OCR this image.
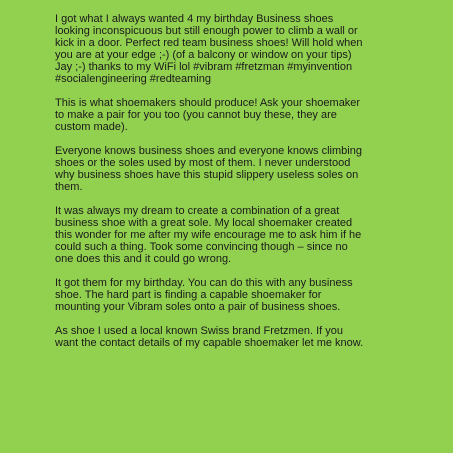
I got what I always wanted 4 my birthday Business shoes
looking inconspicuous but still enough power to climb a wall or
kick in a door. Perfect red team business shoes! Will hold when
you are at your edge ;-) (of a balcony or window on your tips)
Jay ;-) thanks to my WiFi lol #vibram #fretzman #myinvention
#socialengineering #redteaming

This is what shoemakers should produce! Ask your shoemaker
to make a pair for you too (you cannot buy these, they are
custom made).

Everyone knows business shoes and everyone knows climbing
shoes or the soles used by most of them. I never understood
why business shoes have this stupid slippery useless soles on
them.

It was always my dream to create a combination of a great
business shoe with a great sole. My local shoemaker created
this wonder for me after my wife encourage me to ask him if he
could such a thing. Took some convincing though – since no
one does this and it could go wrong.

It got them for my birthday. You can do this with any business
shoe. The hard part is finding a capable shoemaker for
mounting your Vibram soles onto a pair of business shoes.

As shoe I used a local known Swiss brand Fretzmen. If you
want the contact details of my capable shoemaker let me know.
